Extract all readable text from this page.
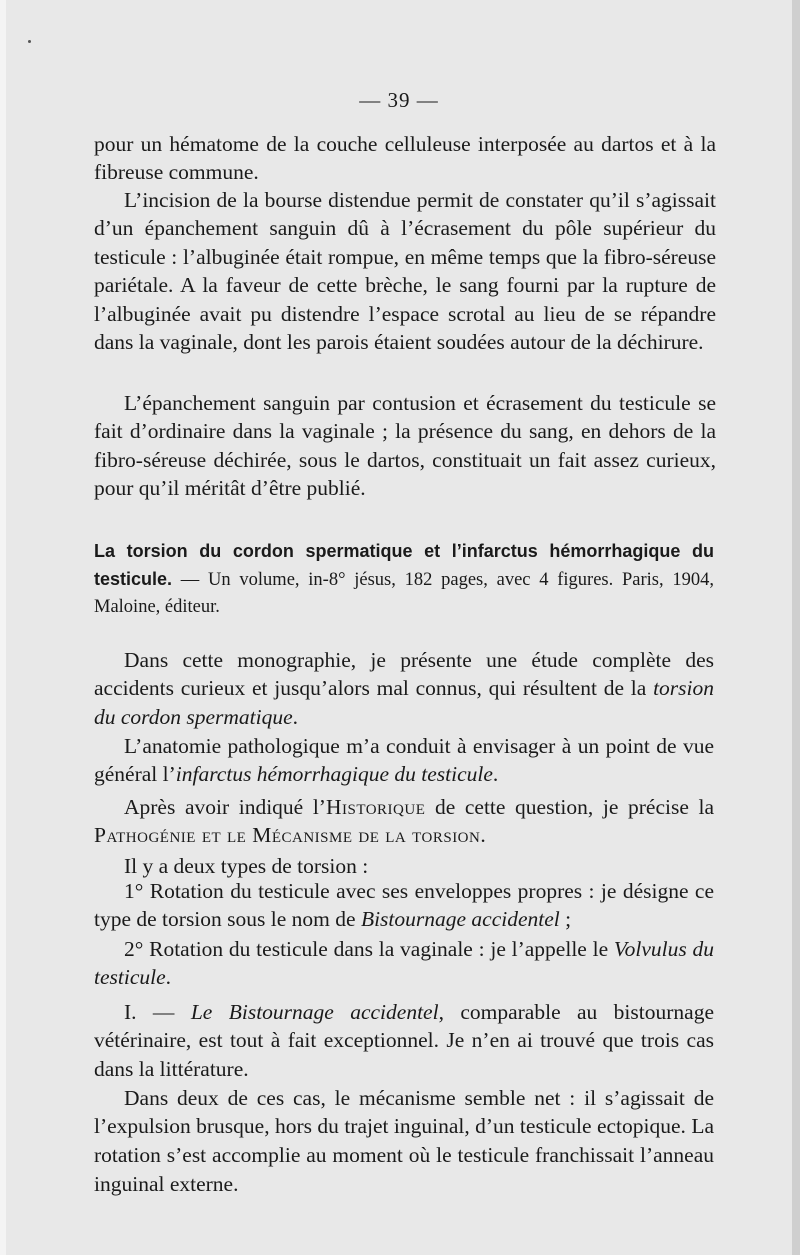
— 39 —

pour un hématome de la couche celluleuse interposée au dartos et à la fibreuse commune.

L’incision de la bourse distendue permit de constater qu’il s’agissait d’un épanchement sanguin dû à l’écrasement du pôle supérieur du testicule : l’albuginée était rompue, en même temps que la fibro-séreuse pariétale. A la faveur de cette brèche, le sang fourni par la rupture de l’albuginée avait pu distendre l’espace scrotal au lieu de se répandre dans la vaginale, dont les parois étaient soudées autour de la déchirure.

L’épanchement sanguin par contusion et écrasement du testicule se fait d’ordinaire dans la vaginale ; la présence du sang, en dehors de la fibro-séreuse déchirée, sous le dartos, constituait un fait assez curieux, pour qu’il méritât d’être publié.

La torsion du cordon spermatique et l’infarctus hémorrhagique du testicule. — Un volume, in-8° jésus, 182 pages, avec 4 figures. Paris, 1904, Maloine, éditeur.

Dans cette monographie, je présente une étude complète des accidents curieux et jusqu’alors mal connus, qui résultent de la torsion du cordon spermatique.

L’anatomie pathologique m’a conduit à envisager à un point de vue général l’infarctus hémorrhagique du testicule.

Après avoir indiqué l’Historique de cette question, je précise la Pathogénie et le Mécanisme de la torsion.

Il y a deux types de torsion :

1° Rotation du testicule avec ses enveloppes propres : je désigne ce type de torsion sous le nom de Bistournage accidentel ;

2° Rotation du testicule dans la vaginale : je l’appelle le Volvulus du testicule.

I. — Le Bistournage accidentel, comparable au bistournage vétérinaire, est tout à fait exceptionnel. Je n’en ai trouvé que trois cas dans la littérature.

Dans deux de ces cas, le mécanisme semble net : il s’agissait de l’expulsion brusque, hors du trajet inguinal, d’un testicule ectopique. La rotation s’est accomplie au moment où le testicule franchissait l’anneau inguinal externe.
